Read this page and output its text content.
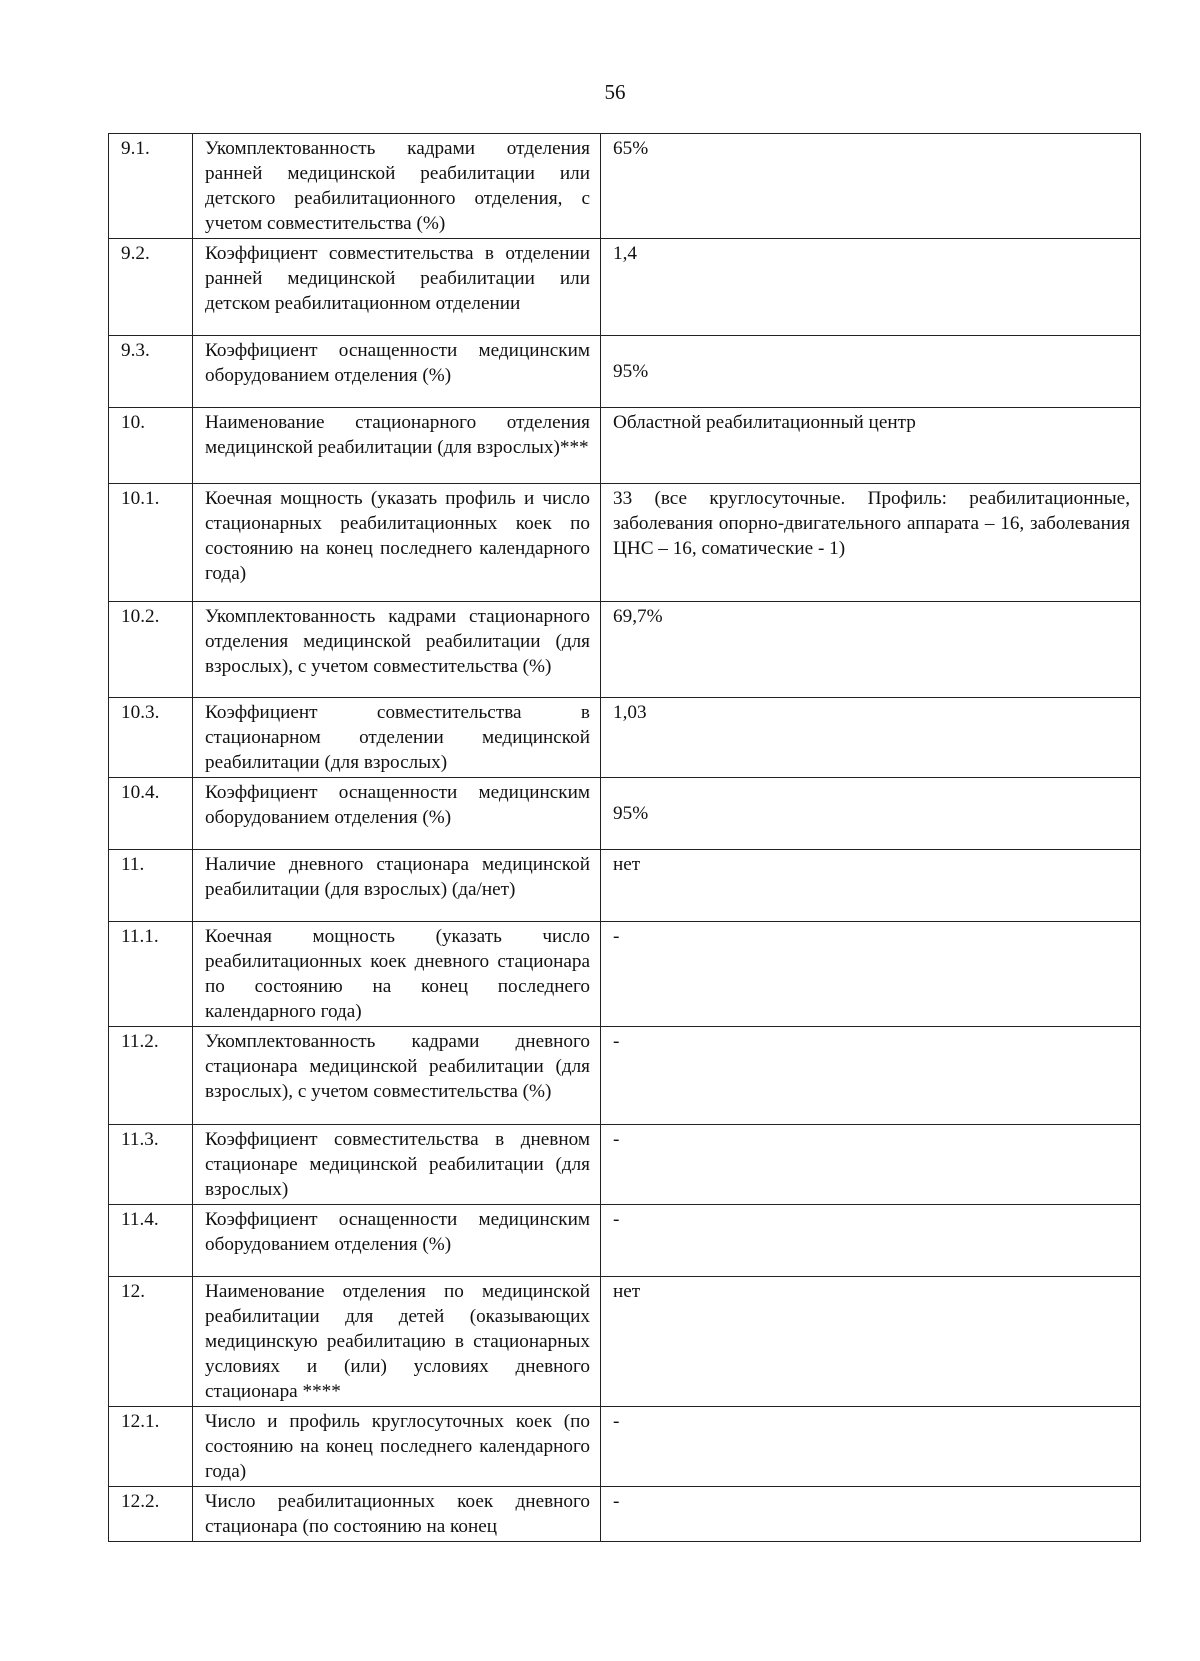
56
9.1.	Укомплектованность кадрами отделения ранней медицинской реабилитации или детского реабилитационного отделения, с учетом совместительства (%)	65%
9.2.	Коэффициент совместительства в отделении ранней медицинской реабилитации или детском реабилитационном отделении	1,4
9.3.	Коэффициент оснащенности медицинским оборудованием отделения (%)	95%
10.	Наименование стационарного отделения медицинской реабилитации (для взрослых)***	Областной реабилитационный центр
10.1.	Коечная мощность (указать профиль и число стационарных реабилитационных коек по состоянию на конец последнего календарного года)	33 (все круглосуточные. Профиль: реабилитационные, заболевания опорно-двигательного аппарата – 16, заболевания ЦНС – 16, соматические - 1)
10.2.	Укомплектованность кадрами стационарного отделения медицинской реабилитации (для взрослых), с учетом совместительства (%)	69,7%
10.3.	Коэффициент совместительства в стационарном отделении медицинской реабилитации (для взрослых)	1,03
10.4.	Коэффициент оснащенности медицинским оборудованием отделения (%)	95%
11.	Наличие дневного стационара медицинской реабилитации (для взрослых) (да/нет)	нет
11.1.	Коечная мощность (указать число реабилитационных коек дневного стационара по состоянию на конец последнего календарного года)	-
11.2.	Укомплектованность кадрами дневного стационара медицинской реабилитации (для взрослых), с учетом совместительства (%)	-
11.3.	Коэффициент совместительства в дневном стационаре медицинской реабилитации (для взрослых)	-
11.4.	Коэффициент оснащенности медицинским оборудованием отделения (%)	-
12.	Наименование отделения по медицинской реабилитации для детей (оказывающих медицинскую реабилитацию в стационарных условиях и (или) условиях дневного стационара ****	нет
12.1.	Число и профиль круглосуточных коек (по состоянию на конец последнего календарного года)	-
12.2.	Число реабилитационных коек дневного стационара (по состоянию на конец	-
